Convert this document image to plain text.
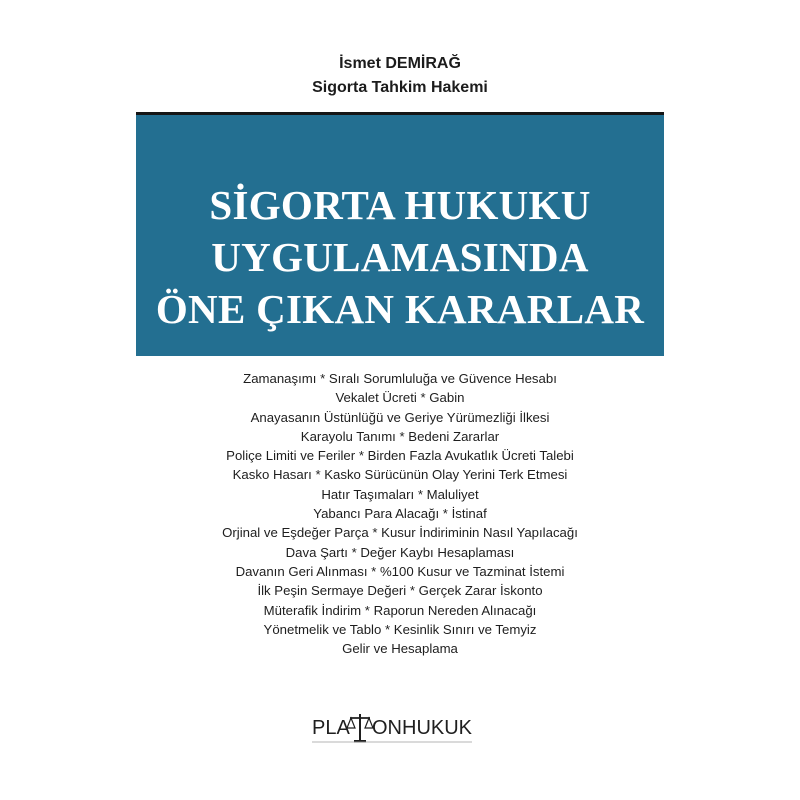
İsmet DEMİRAĞ
Sigorta Tahkim Hakemi
SİGORTA HUKUKU
UYGULAMASINDA
ÖNE ÇIKAN KARARLAR
Zamanaşımı * Sıralı Sorumluluğa ve Güvence Hesabı
Vekalet Ücreti * Gabin
Anayasanın Üstünlüğü ve Geriye Yürümezliği İlkesi
Karayolu Tanımı * Bedeni Zararlar
Poliçe Limiti ve Feriler * Birden Fazla Avukatlık Ücreti Talebi
Kasko Hasarı * Kasko Sürücünün Olay Yerini Terk Etmesi
Hatır Taşımaları * Maluliyet
Yabancı Para Alacağı * İstinaf
Orjinal ve Eşdeğer Parça * Kusur İndiriminin Nasıl Yapılacağı
Dava Şartı * Değer Kaybı Hesaplaması
Davanın Geri Alınması * %100 Kusur ve Tazminat İstemi
İlk Peşin Sermaye Değeri * Gerçek Zarar İskonto
Müterafik İndirim * Raporun Nereden Alınacağı
Yönetmelik ve Tablo * Kesinlik Sınırı ve Temyiz
Gelir ve Hesaplama
PLA ON HUKUK
